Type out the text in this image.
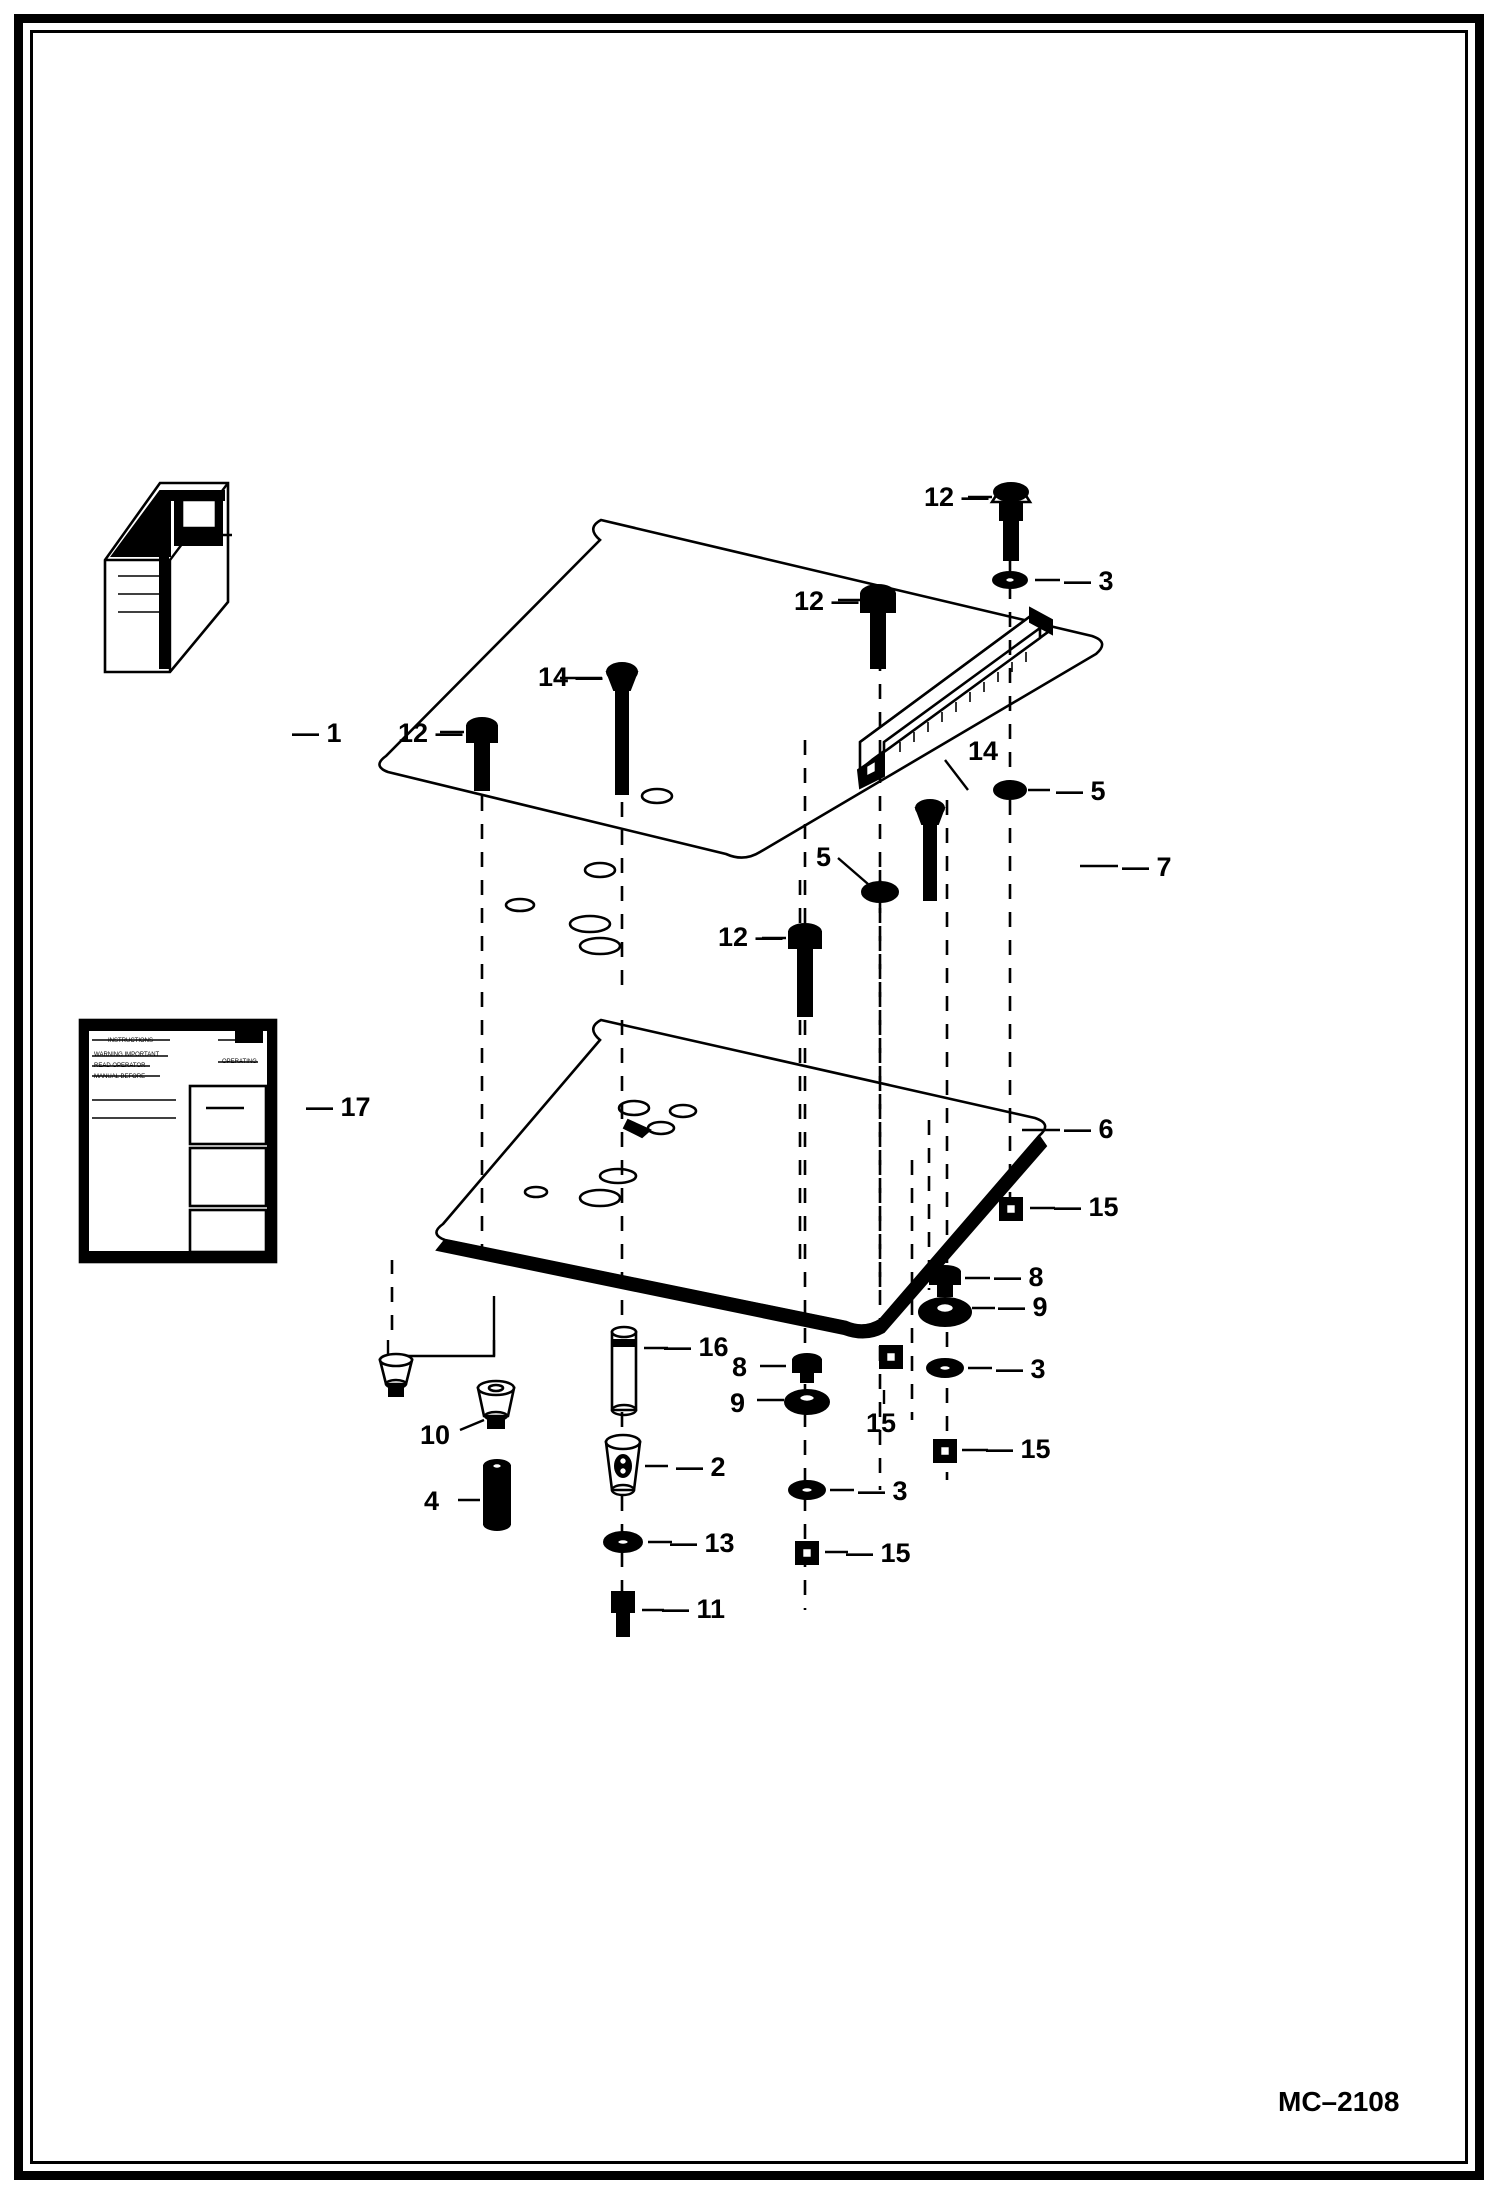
INSTRUCTIONS
WARNING IMPORTANT
READ OPERATOR
MANUAL BEFORE
OPERATING
— 1
— 2
— 3
— 3
— 3
4
— 5
5
— 6
— 7
— 8
8
— 9
9
10
— 11
12 —
12 —
12 —
12 —
— 13
14 —
14
— 15
— 15
15
— 15
— 16
— 17
MC–2108
